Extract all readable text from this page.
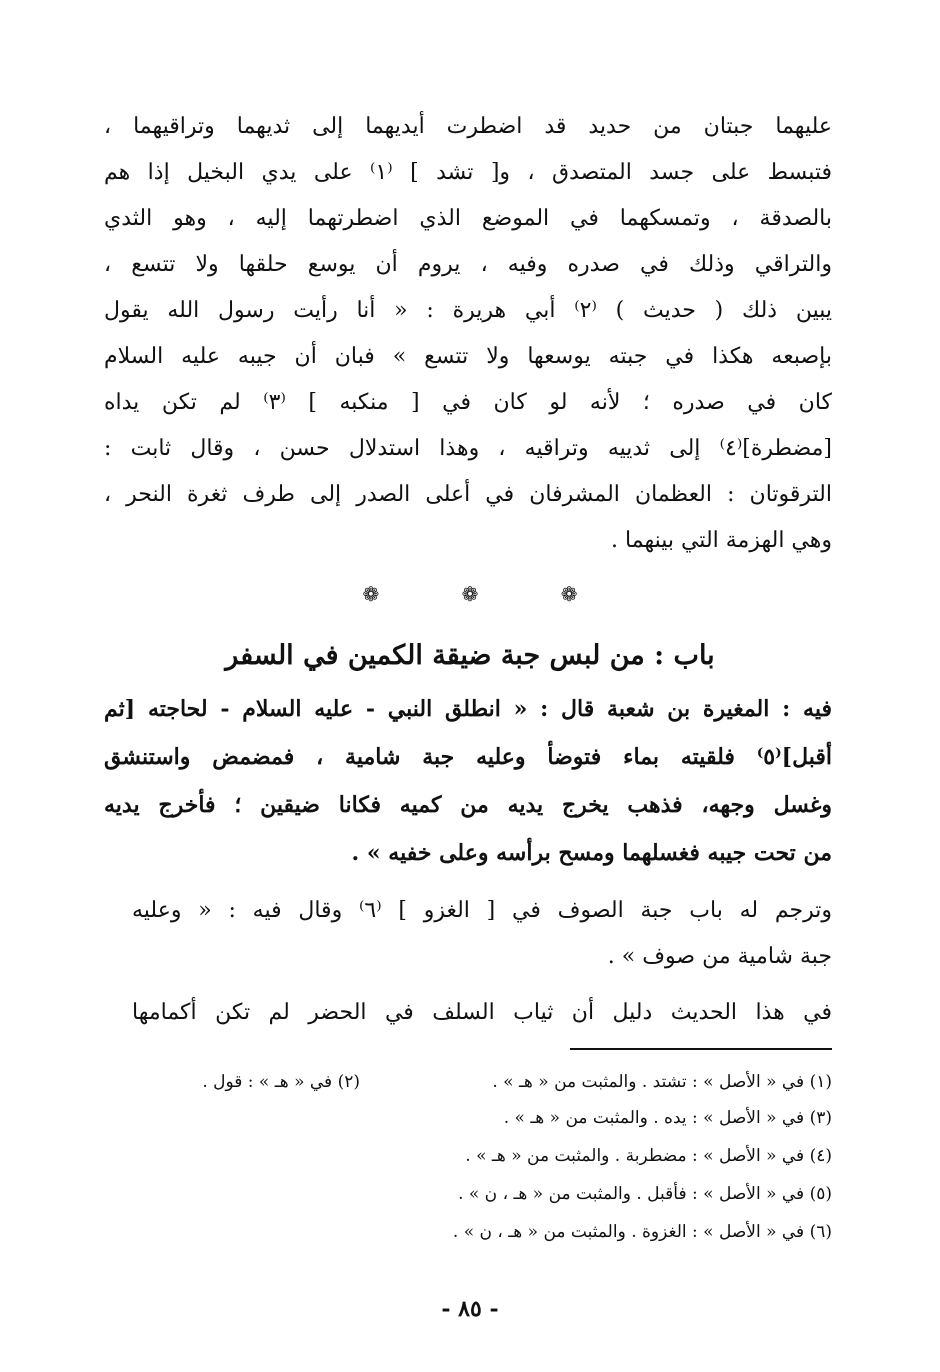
عليهما جبتان من حديد قد اضطرت أيديهما إلى ثديهما وتراقيهما ،
فتبسط على جسد المتصدق ، و[ تشد ] ⁽١⁾ على يدي البخيل إذا هم
بالصدقة ، وتمسكهما في الموضع الذي اضطرتهما إليه ، وهو الثدي
والتراقي وذلك في صدره وفيه ، يروم أن يوسع حلقها ولا تتسع ،
يبين ذلك ( حديث ) ⁽٢⁾ أبي هريرة : « أنا رأيت رسول الله يقول
بإصبعه هكذا في جبته يوسعها ولا تتسع » فبان أن جيبه عليه السلام
كان في صدره ؛ لأنه لو كان في [ منكبه ] ⁽٣⁾ لم تكن يداه
[مضطرة]⁽٤⁾ إلى ثدييه وتراقيه ، وهذا استدلال حسن ، وقال ثابت :
الترقوتان : العظمان المشرفان في أعلى الصدر إلى طرف ثغرة النحر ،
وهي الهزمة التي بينهما .
❁	❁	❁
باب : من لبس جبة ضيقة الكمين في السفر
فيه : المغيرة بن شعبة قال : « انطلق النبي - عليه السلام - لحاجته [ثم
أقبل]⁽٥⁾ فلقيته بماء فتوضأ وعليه جبة شامية ، فمضمض واستنشق
وغسل وجهه، فذهب يخرج يديه من كميه فكانا ضيقين ؛ فأخرج يديه
من تحت جيبه فغسلهما ومسح برأسه وعلى خفيه » .
وترجم له باب جبة الصوف في [ الغزو ] ⁽٦⁾ وقال فيه : « وعليه
جبة شامية من صوف » .
في هذا الحديث دليل أن ثياب السلف في الحضر لم تكن أكمامها
(١) في « الأصل » : تشتد . والمثبت من « هـ » .
(٢) في « هـ » : قول .
(٣) في « الأصل » : يده . والمثبت من « هـ » .
(٤) في « الأصل » : مضطربة . والمثبت من « هـ » .
(٥) في « الأصل » : فأقبل . والمثبت من « هـ ، ن » .
(٦) في « الأصل » : الغزوة . والمثبت من « هـ ، ن » .
- ٨٥ -
